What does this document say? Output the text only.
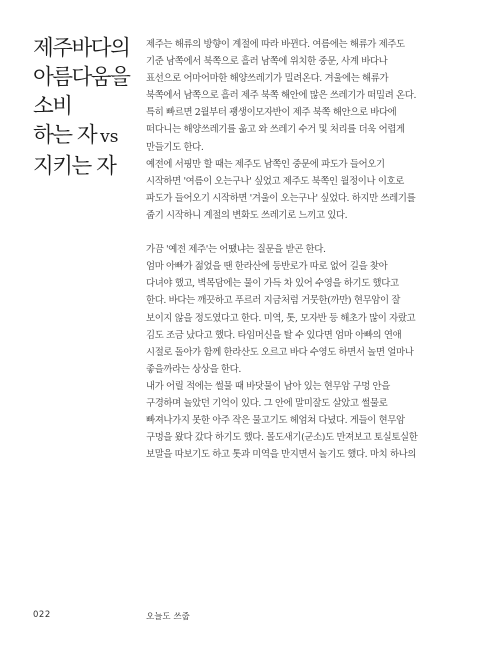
제주바다의
아름다움을
소비
하는 자 vs
지키는 자

제주는 해류의 방향이 계절에 따라 바뀐다. 여름에는 해류가 제주도
기준 남쪽에서 북쪽으로 흘러 남쪽에 위치한 중문, 사계 바다나
표선으로 어마어마한 해양쓰레기가 밀려온다. 겨울에는 해류가
북쪽에서 남쪽으로 흘러 제주 북쪽 해안에 많은 쓰레기가 떠밀려 온다.
특히 빠르면 2월부터 괭생이모자반이 제주 북쪽 해안으로 바다에
떠다니는 해양쓰레기를 옮고 와 쓰레기 수거 및 처리를 더욱 어렵게
만들기도 한다.

예전에 서핑만 할 때는 제주도 남쪽인 중문에 파도가 들어오기
시작하면 '여름이 오는구나' 싶었고 제주도 북쪽인 월정이나 이호로
파도가 들어오기 시작하면 '겨울이 오는구나' 싶었다. 하지만 쓰레기를
줍기 시작하니 계절의 변화도 쓰레기로 느끼고 있다.

가끔 '예전 제주'는 어땠냐는 질문을 받곤 한다.
엄마 아빠가 젊었을 땐 한라산에 등반로가 따로 없어 길을 찾아
다녀야 했고, 벽목담에는 물이 가득 차 있어 수영을 하기도 했다고
한다. 바다는 깨끗하고 푸르러 지금처럼 거뭇한(까만) 현무암이 잘
보이지 않을 정도였다고 한다. 미역, 톳, 모자반 등 해초가 많이 자랐고
김도 조금 났다고 했다. 타임머신을 탈 수 있다면 엄마 아빠의 연애
시절로 돌아가 함께 한라산도 오르고 바다 수영도 하면서 놀면 얼마나
좋을까라는 상상을 한다.
내가 어릴 적에는 썰물 때 바닷물이 남아 있는 현무암 구멍 안을
구경하며 놀았던 기억이 있다. 그 안에 말미잘도 살았고 썰물로
빠져나가지 못한 아주 작은 물고기도 헤엄쳐 다녔다. 게들이 현무암
구멍을 왔다 갔다 하기도 했다. 몰도새기(군소)도 만져보고 토실토실한
보말을 따보기도 하고 톳과 미역을 만지면서 놀기도 했다. 마치 하나의

022	오늘도 쓰줍
